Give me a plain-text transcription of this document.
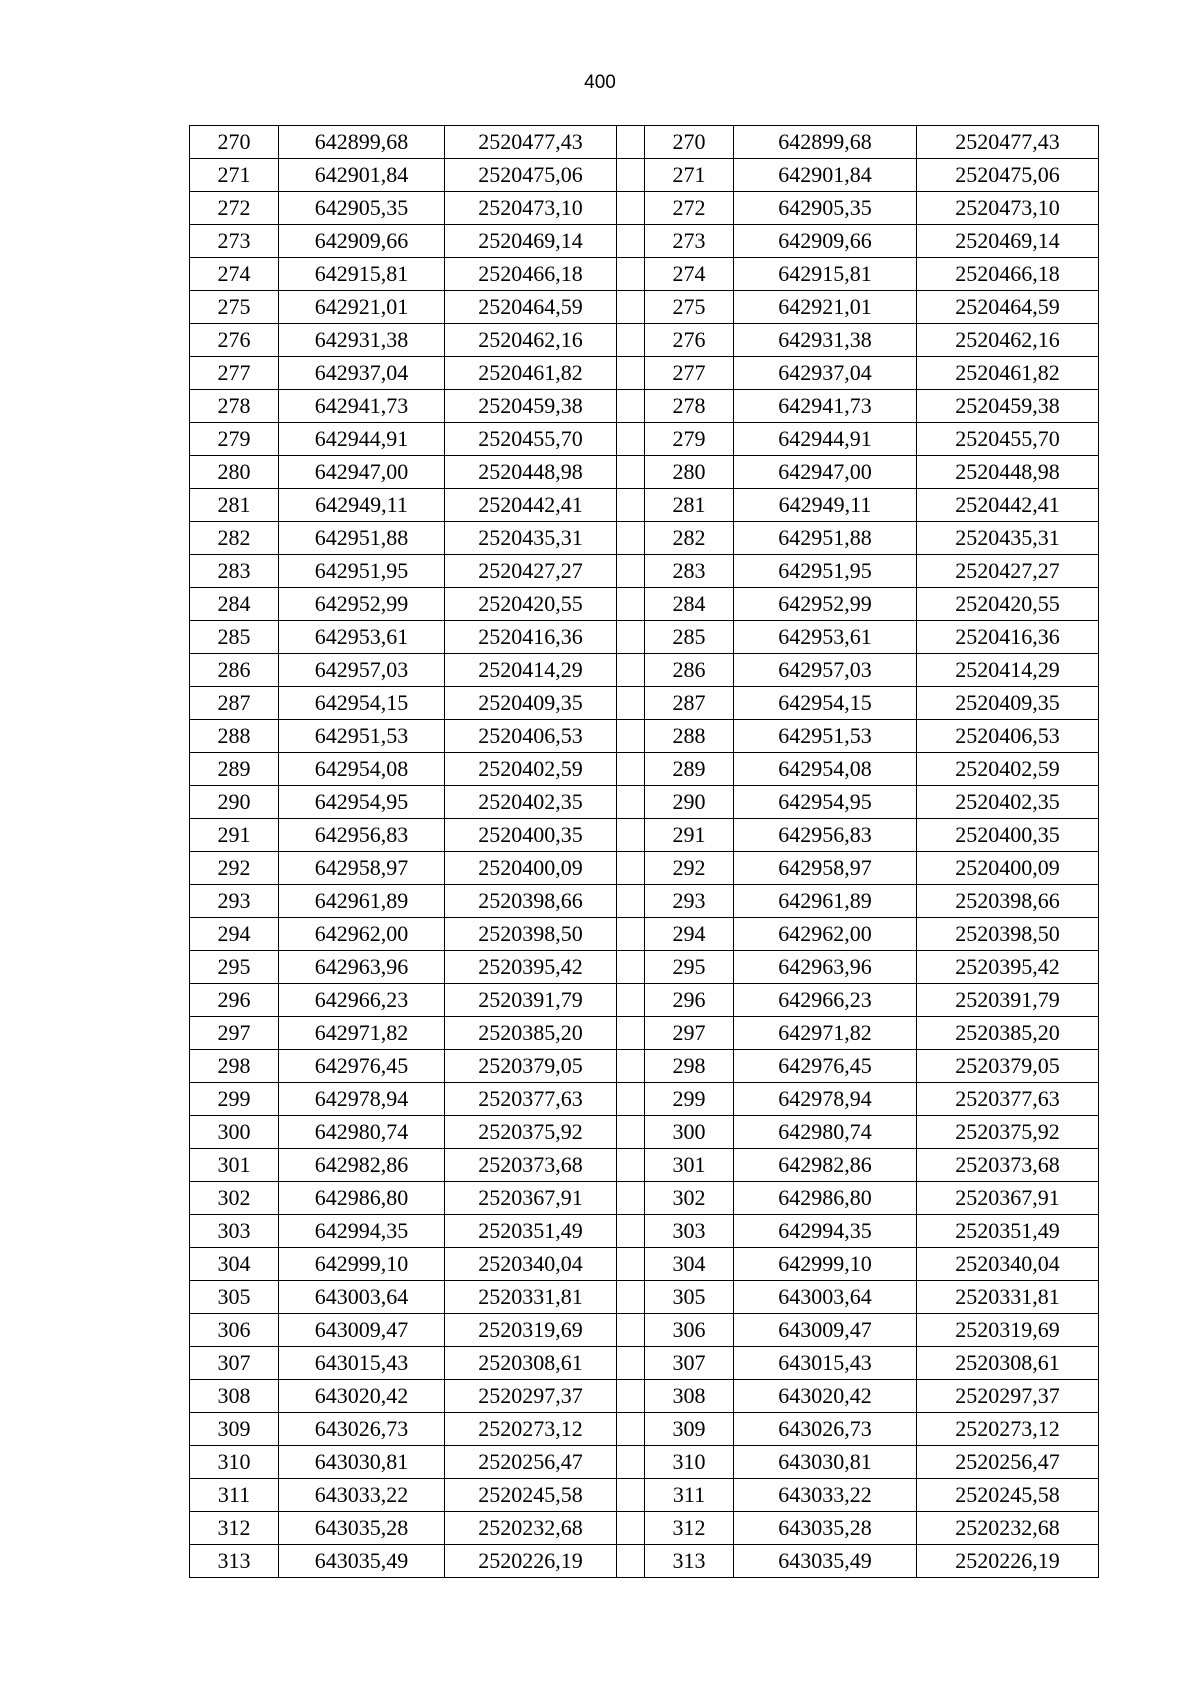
400
270	642899,68	2520477,43		270	642899,68	2520477,43
271	642901,84	2520475,06		271	642901,84	2520475,06
272	642905,35	2520473,10		272	642905,35	2520473,10
273	642909,66	2520469,14		273	642909,66	2520469,14
274	642915,81	2520466,18		274	642915,81	2520466,18
275	642921,01	2520464,59		275	642921,01	2520464,59
276	642931,38	2520462,16		276	642931,38	2520462,16
277	642937,04	2520461,82		277	642937,04	2520461,82
278	642941,73	2520459,38		278	642941,73	2520459,38
279	642944,91	2520455,70		279	642944,91	2520455,70
280	642947,00	2520448,98		280	642947,00	2520448,98
281	642949,11	2520442,41		281	642949,11	2520442,41
282	642951,88	2520435,31		282	642951,88	2520435,31
283	642951,95	2520427,27		283	642951,95	2520427,27
284	642952,99	2520420,55		284	642952,99	2520420,55
285	642953,61	2520416,36		285	642953,61	2520416,36
286	642957,03	2520414,29		286	642957,03	2520414,29
287	642954,15	2520409,35		287	642954,15	2520409,35
288	642951,53	2520406,53		288	642951,53	2520406,53
289	642954,08	2520402,59		289	642954,08	2520402,59
290	642954,95	2520402,35		290	642954,95	2520402,35
291	642956,83	2520400,35		291	642956,83	2520400,35
292	642958,97	2520400,09		292	642958,97	2520400,09
293	642961,89	2520398,66		293	642961,89	2520398,66
294	642962,00	2520398,50		294	642962,00	2520398,50
295	642963,96	2520395,42		295	642963,96	2520395,42
296	642966,23	2520391,79		296	642966,23	2520391,79
297	642971,82	2520385,20		297	642971,82	2520385,20
298	642976,45	2520379,05		298	642976,45	2520379,05
299	642978,94	2520377,63		299	642978,94	2520377,63
300	642980,74	2520375,92		300	642980,74	2520375,92
301	642982,86	2520373,68		301	642982,86	2520373,68
302	642986,80	2520367,91		302	642986,80	2520367,91
303	642994,35	2520351,49		303	642994,35	2520351,49
304	642999,10	2520340,04		304	642999,10	2520340,04
305	643003,64	2520331,81		305	643003,64	2520331,81
306	643009,47	2520319,69		306	643009,47	2520319,69
307	643015,43	2520308,61		307	643015,43	2520308,61
308	643020,42	2520297,37		308	643020,42	2520297,37
309	643026,73	2520273,12		309	643026,73	2520273,12
310	643030,81	2520256,47		310	643030,81	2520256,47
311	643033,22	2520245,58		311	643033,22	2520245,58
312	643035,28	2520232,68		312	643035,28	2520232,68
313	643035,49	2520226,19		313	643035,49	2520226,19
